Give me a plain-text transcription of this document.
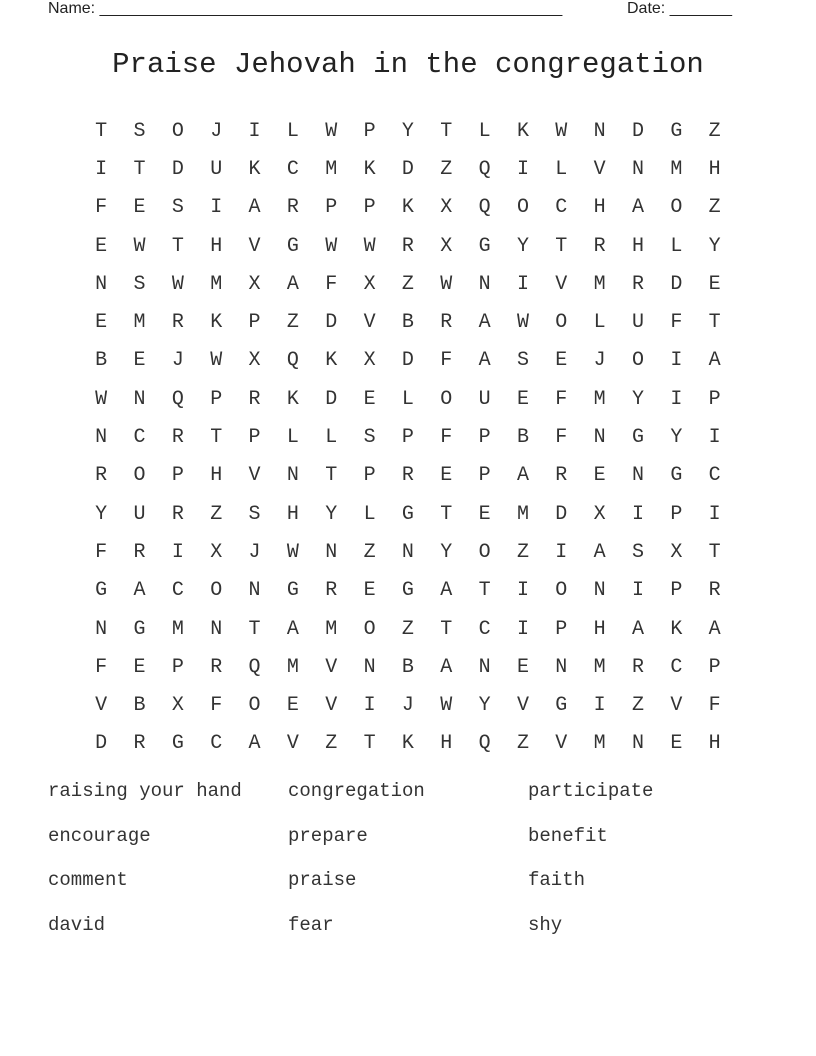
Name: ____________________________________________________	Date: _______
Praise Jehovah in the congregation
T	S	O	J	I	L	W	P	Y	T	L	K	W	N	D	G	Z
I	T	D	U	K	C	M	K	D	Z	Q	I	L	V	N	M	H
F	E	S	I	A	R	P	P	K	X	Q	O	C	H	A	O	Z
E	W	T	H	V	G	W	W	R	X	G	Y	T	R	H	L	Y
N	S	W	M	X	A	F	X	Z	W	N	I	V	M	R	D	E
E	M	R	K	P	Z	D	V	B	R	A	W	O	L	U	F	T
B	E	J	W	X	Q	K	X	D	F	A	S	E	J	O	I	A
W	N	Q	P	R	K	D	E	L	O	U	E	F	M	Y	I	P
N	C	R	T	P	L	L	S	P	F	P	B	F	N	G	Y	I
R	O	P	H	V	N	T	P	R	E	P	A	R	E	N	G	C
Y	U	R	Z	S	H	Y	L	G	T	E	M	D	X	I	P	I
F	R	I	X	J	W	N	Z	N	Y	O	Z	I	A	S	X	T
G	A	C	O	N	G	R	E	G	A	T	I	O	N	I	P	R
N	G	M	N	T	A	M	O	Z	T	C	I	P	H	A	K	A
F	E	P	R	Q	M	V	N	B	A	N	E	N	M	R	C	P
V	B	X	F	O	E	V	I	J	W	Y	V	G	I	Z	V	F
D	R	G	C	A	V	Z	T	K	H	Q	Z	V	M	N	E	H
raising your hand	congregation	participate
encourage	prepare	benefit
comment	praise	faith
david	fear	shy
